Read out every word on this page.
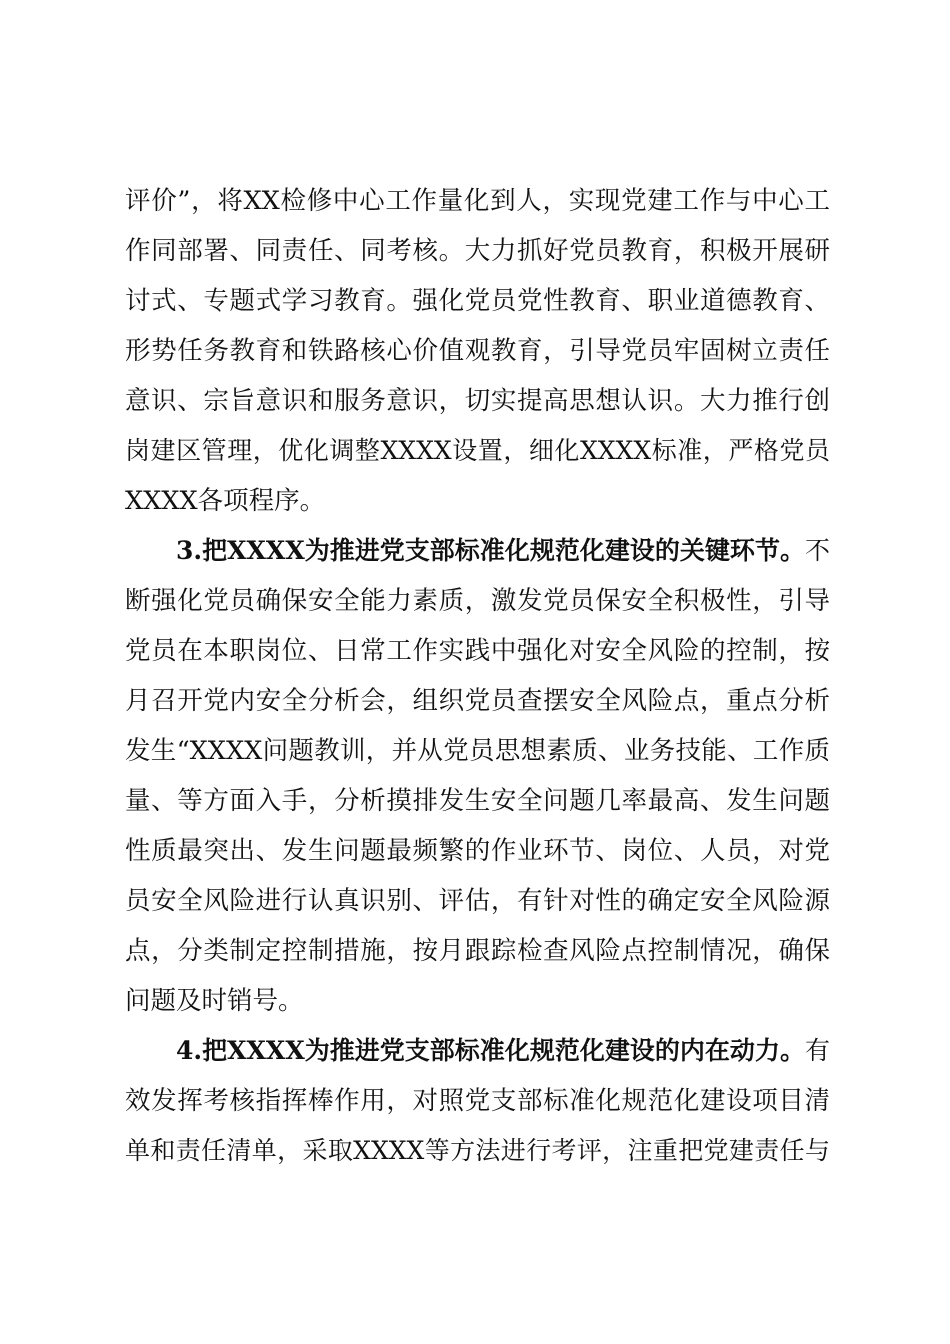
评价”，将XX检修中心工作量化到人，实现党建工作与中心工
作同部署、同责任、同考核。大力抓好党员教育，积极开展研
讨式、专题式学习教育。强化党员党性教育、职业道德教育、
形势任务教育和铁路核心价值观教育，引导党员牢固树立责任
意识、宗旨意识和服务意识，切实提高思想认识。大力推行创
岗建区管理，优化调整XXXX设置，细化XXXX标准，严格党员
XXXX各项程序。
3.把XXXX为推进党支部标准化规范化建设的关键环节。不
断强化党员确保安全能力素质，激发党员保安全积极性，引导
党员在本职岗位、日常工作实践中强化对安全风险的控制，按
月召开党内安全分析会，组织党员查摆安全风险点，重点分析
发生“XXXX问题教训，并从党员思想素质、业务技能、工作质
量、等方面入手，分析摸排发生安全问题几率最高、发生问题
性质最突出、发生问题最频繁的作业环节、岗位、人员，对党
员安全风险进行认真识别、评估，有针对性的确定安全风险源
点，分类制定控制措施，按月跟踪检查风险点控制情况，确保
问题及时销号。
4.把XXXX为推进党支部标准化规范化建设的内在动力。有
效发挥考核指挥棒作用，对照党支部标准化规范化建设项目清
单和责任清单，采取XXXX等方法进行考评，注重把党建责任与
